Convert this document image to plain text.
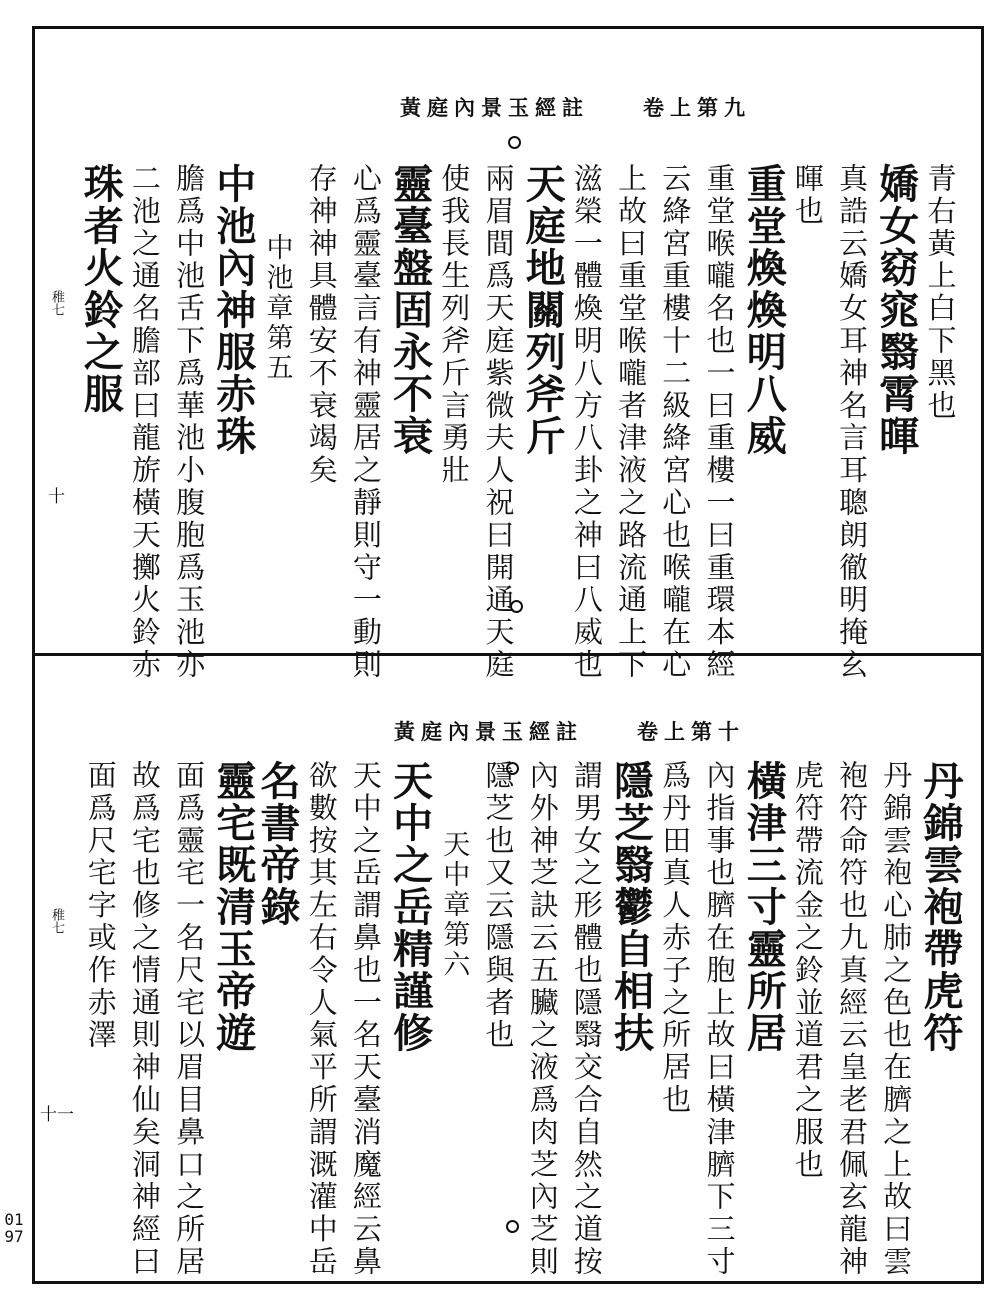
黃庭內景玉經註　　卷上第九
稚七
十
青右黃上白下黑也
嬌女窈窕翳霄暉
真誥云嬌女耳神名言耳聰朗徹明掩玄
暉也
重堂煥煥明八威
重堂喉嚨名也一曰重樓一曰重環本經
云絳宮重樓十二級絳宮心也喉嚨在心
上故曰重堂喉嚨者津液之路流通上下
滋榮一體煥明八方八卦之神曰八威也
天庭地關列斧斤
兩眉間爲天庭紫微夫人祝曰開通天庭
使我長生列斧斤言勇壯
靈臺盤固永不衰
心爲靈臺言有神靈居之靜則守一動則
存神神具體安不衰竭矣
中池章第五
中池內神服赤珠
膽爲中池舌下爲華池小腹胞爲玉池亦
二池之通名膽部曰龍旂橫天擲火鈴赤
珠者火鈴之服
黃庭內景玉經註　　卷上第十
稚七
十一
丹錦雲袍帶虎符
丹錦雲袍心肺之色也在臍之上故曰雲
袍符命符也九真經云皇老君佩玄龍神
虎符帶流金之鈴並道君之服也
橫津三寸靈所居
內指事也臍在胞上故曰橫津臍下三寸
爲丹田真人赤子之所居也
隱芝翳鬱自相扶
謂男女之形體也隱翳交合自然之道按
內外神芝訣云五臟之液爲肉芝內芝則
隱芝也又云隱與者也
天中章第六
天中之岳精謹修
天中之岳謂鼻也一名天臺消魔經云鼻
欲數按其左右令人氣平所謂溉灌中岳
名書帝錄
靈宅既清玉帝遊
面爲靈宅一名尺宅以眉目鼻口之所居
故爲宅也修之情通則神仙矣洞神經曰
面爲尺宅字或作赤澤
0197
